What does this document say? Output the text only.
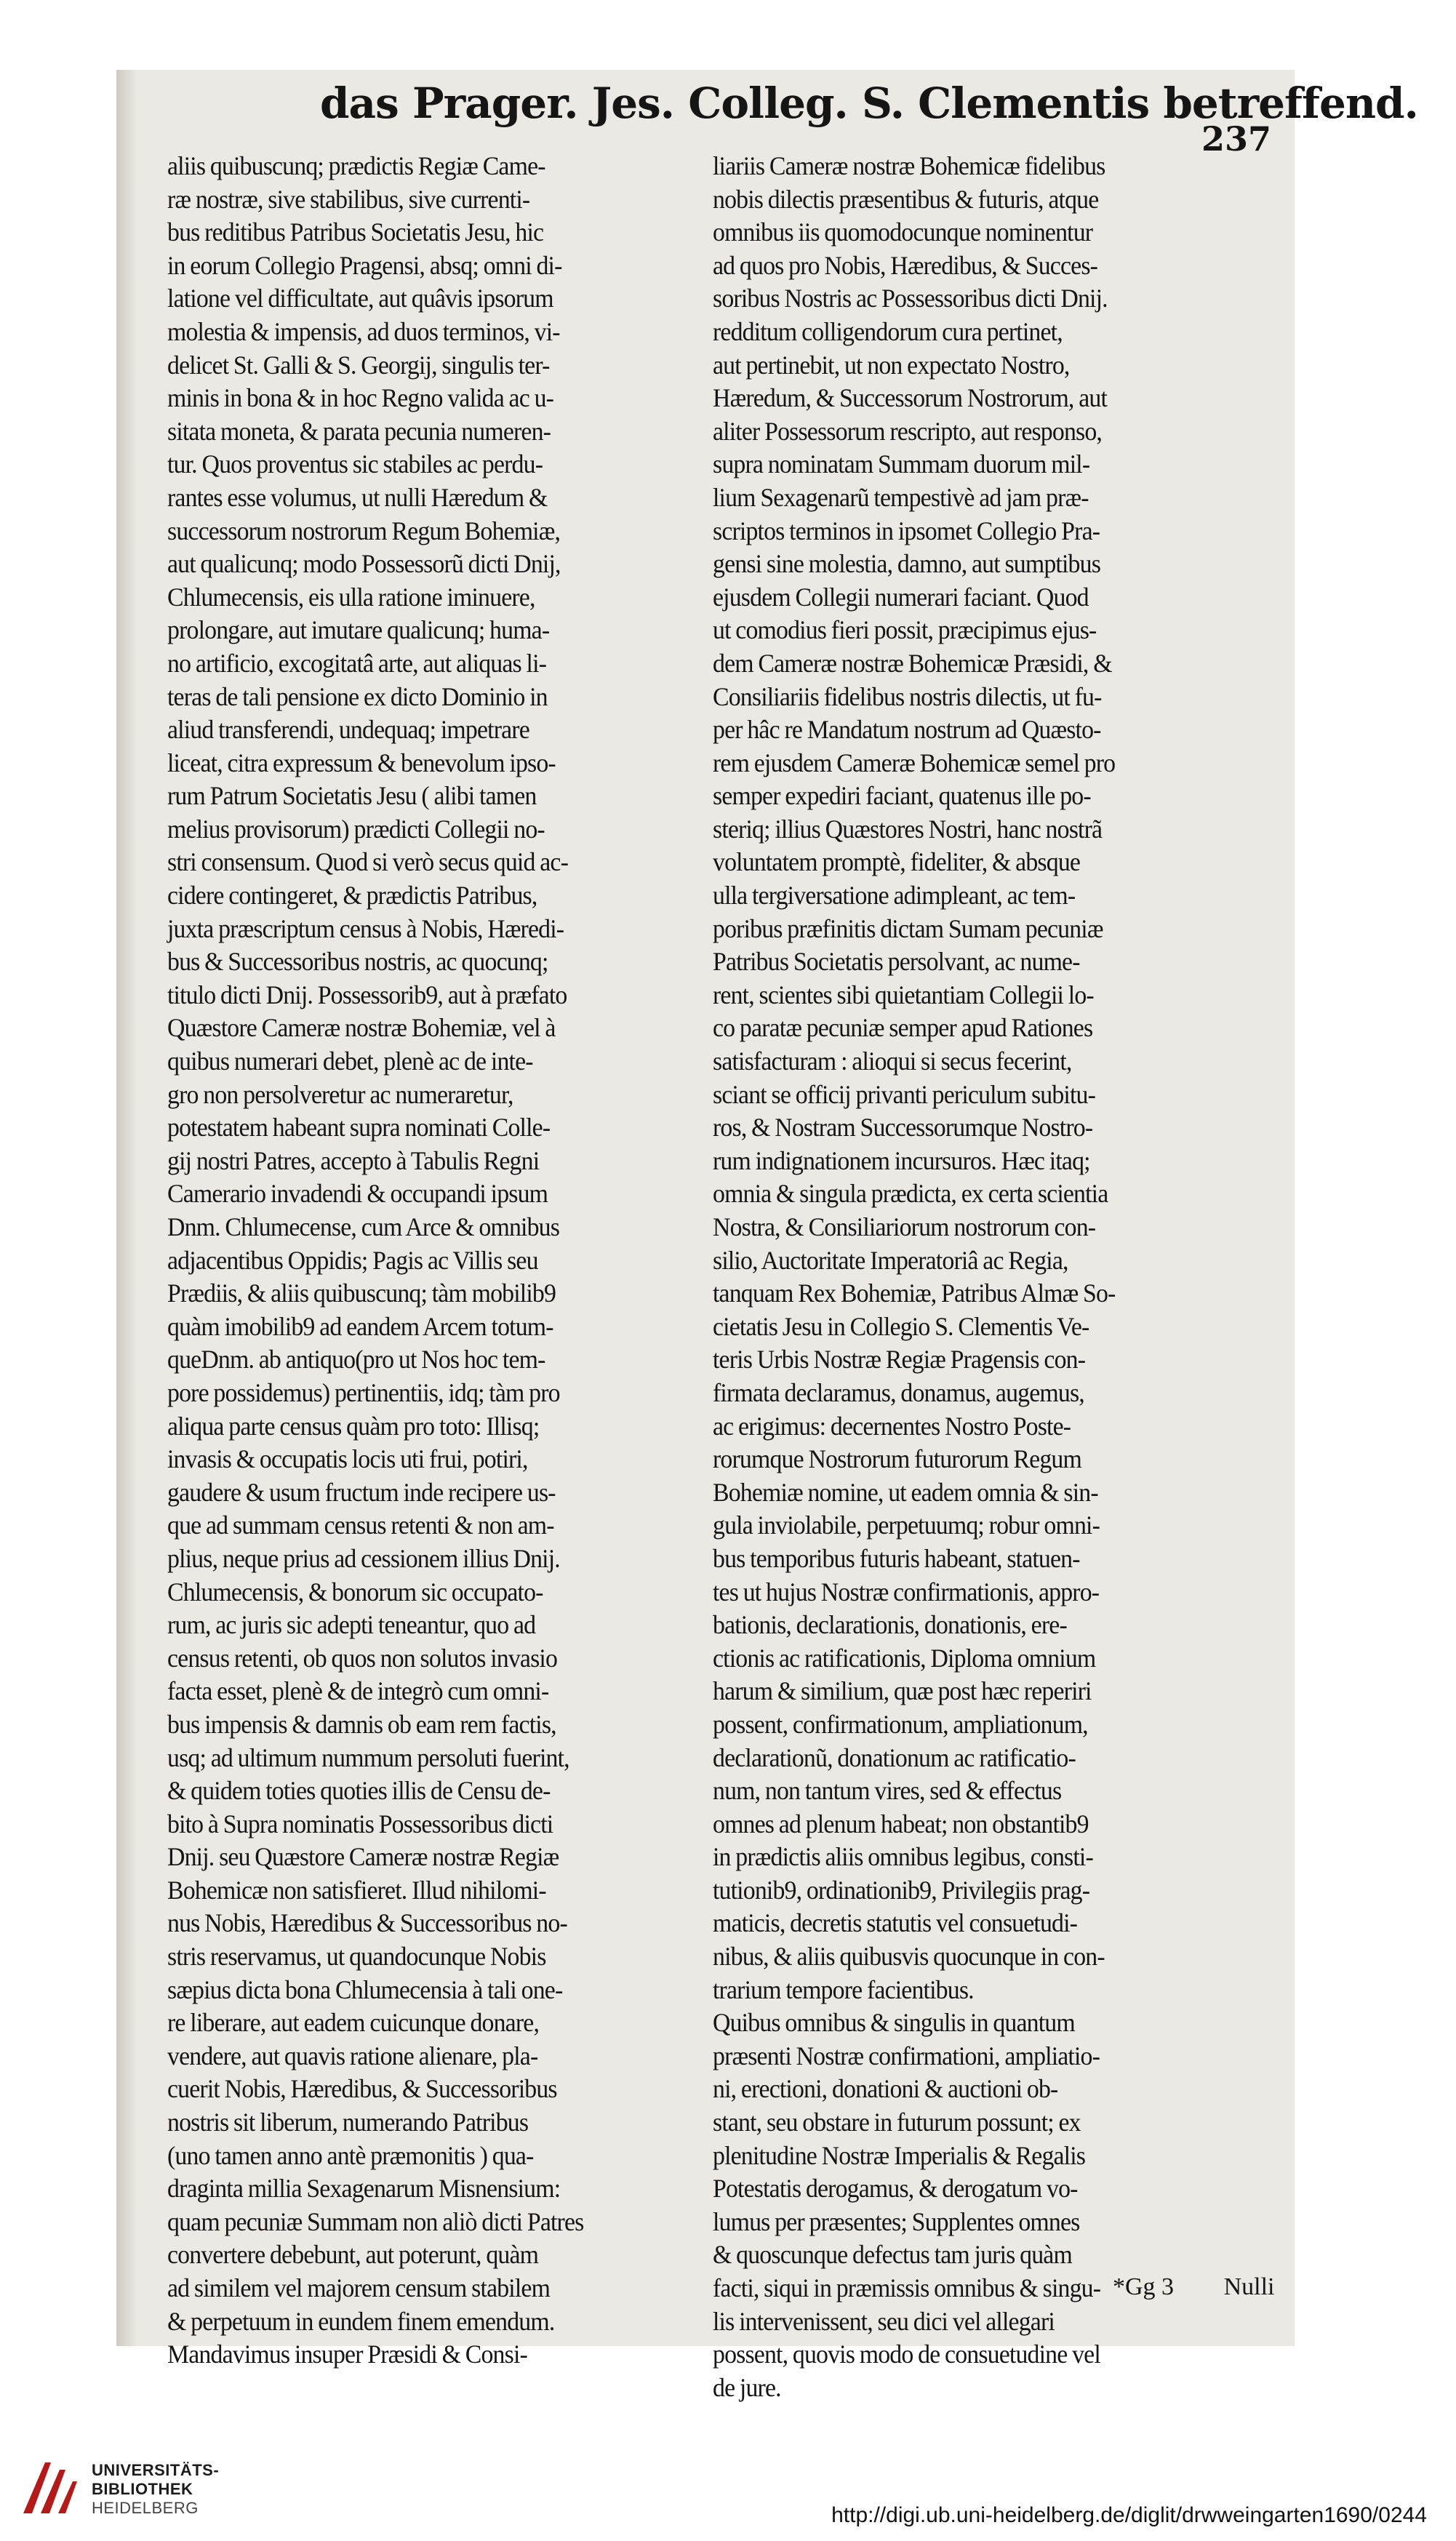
das Prager. Jes. Colleg. S. Clementis betreffend.
237
aliis quibuscunq; prædictis Regiæ Came-
ræ nostræ, sive stabilibus, sive currenti-
bus reditibus Patribus Societatis Jesu, hic
in eorum Collegio Pragensi, absq; omni di-
latione vel difficultate, aut quâvis ipsorum
molestia & impensis, ad duos terminos, vi-
delicet St. Galli & S. Georgij, singulis ter-
minis in bona & in hoc Regno valida ac u-
sitata moneta, & parata pecunia numeren-
tur. Quos proventus sic stabiles ac perdu-
rantes esse volumus, ut nulli Hæredum &
successorum nostrorum Regum Bohemiæ,
aut qualicunq; modo Possessorũ dicti Dnij,
Chlumecensis, eis ulla ratione iminuere,
prolongare, aut imutare qualicunq; huma-
no artificio, excogitatâ arte, aut aliquas li-
teras de tali pensione ex dicto Dominio in
aliud transferendi, undequaq; impetrare
liceat, citra expressum & benevolum ipso-
rum Patrum Societatis Jesu ( alibi tamen
melius provisorum) prædicti Collegii no-
stri consensum. Quod si verò secus quid ac-
cidere contingeret, & prædictis Patribus,
juxta præscriptum census à Nobis, Hæredi-
bus & Successoribus nostris, ac quocunq;
titulo dicti Dnij. Possessorib9, aut à præfato
Quæstore Cameræ nostræ Bohemiæ, vel à
quibus numerari debet, plenè ac de inte-
gro non persolveretur ac numeraretur,
potestatem habeant supra nominati Colle-
gij nostri Patres, accepto à Tabulis Regni
Camerario invadendi & occupandi ipsum
Dnm. Chlumecense, cum Arce & omnibus
adjacentibus Oppidis; Pagis ac Villis seu
Prædiis, & aliis quibuscunq; tàm mobilib9
quàm imobilib9 ad eandem Arcem totum-
queDnm. ab antiquo(pro ut Nos hoc tem-
pore possidemus) pertinentiis, idq; tàm pro
aliqua parte census quàm pro toto: Illisq;
invasis & occupatis locis uti frui, potiri,
gaudere & usum fructum inde recipere us-
que ad summam census retenti & non am-
plius, neque prius ad cessionem illius Dnij.
Chlumecensis, & bonorum sic occupato-
rum, ac juris sic adepti teneantur, quo ad
census retenti, ob quos non solutos invasio
facta esset, plenè & de integrò cum omni-
bus impensis & damnis ob eam rem factis,
usq; ad ultimum nummum persoluti fuerint,
& quidem toties quoties illis de Censu de-
bito à Supra nominatis Possessoribus dicti
Dnij. seu Quæstore Cameræ nostræ Regiæ
Bohemicæ non satisfieret. Illud nihilomi-
nus Nobis, Hæredibus & Successoribus no-
stris reservamus, ut quandocunque Nobis
sæpius dicta bona Chlumecensia à tali one-
re liberare, aut eadem cuicunque donare,
vendere, aut quavis ratione alienare, pla-
cuerit Nobis, Hæredibus, & Successoribus
nostris sit liberum, numerando Patribus
(uno tamen anno antè præmonitis ) qua-
draginta millia Sexagenarum Misnensium:
quam pecuniæ Summam non aliò dicti Patres
convertere debebunt, aut poterunt, quàm
ad similem vel majorem censum stabilem
& perpetuum in eundem finem emendum.
Mandavimus insuper Præsidi & Consi-
liariis Cameræ nostræ Bohemicæ fidelibus
nobis dilectis præsentibus & futuris, atque
omnibus iis quomodocunque nominentur
ad quos pro Nobis, Hæredibus, & Succes-
soribus Nostris ac Possessoribus dicti Dnij.
redditum colligendorum cura pertinet,
aut pertinebit, ut non expectato Nostro,
Hæredum, & Successorum Nostrorum, aut
aliter Possessorum rescripto, aut responso,
supra nominatam Summam duorum mil-
lium Sexagenarũ tempestivè ad jam præ-
scriptos terminos in ipsomet Collegio Pra-
gensi sine molestia, damno, aut sumptibus
ejusdem Collegii numerari faciant. Quod
ut comodius fieri possit, præcipimus ejus-
dem Cameræ nostræ Bohemicæ Præsidi, &
Consiliariis fidelibus nostris dilectis, ut fu-
per hâc re Mandatum nostrum ad Quæsto-
rem ejusdem Cameræ Bohemicæ semel pro
semper expediri faciant, quatenus ille po-
steriq; illius Quæstores Nostri, hanc nostrã
voluntatem promptè, fideliter, & absque
ulla tergiversatione adimpleant, ac tem-
poribus præfinitis dictam Sumam pecuniæ
Patribus Societatis persolvant, ac nume-
rent, scientes sibi quietantiam Collegii lo-
co paratæ pecuniæ semper apud Rationes
satisfacturam : alioqui si secus fecerint,
sciant se officij privanti periculum subitu-
ros, & Nostram Successorumque Nostro-
rum indignationem incursuros. Hæc itaq;
omnia & singula prædicta, ex certa scientia
Nostra, & Consiliariorum nostrorum con-
silio, Auctoritate Imperatoriâ ac Regia,
tanquam Rex Bohemiæ, Patribus Almæ So-
cietatis Jesu in Collegio S. Clementis Ve-
teris Urbis Nostræ Regiæ Pragensis con-
firmata declaramus, donamus, augemus,
ac erigimus: decernentes Nostro Poste-
rorumque Nostrorum futurorum Regum
Bohemiæ nomine, ut eadem omnia & sin-
gula inviolabile, perpetuumq; robur omni-
bus temporibus futuris habeant, statuen-
tes ut hujus Nostræ confirmationis, appro-
bationis, declarationis, donationis, ere-
ctionis ac ratificationis, Diploma omnium
harum & similium, quæ post hæc reperiri
possent, confirmationum, ampliationum,
declarationũ, donationum ac ratificatio-
num, non tantum vires, sed & effectus
omnes ad plenum habeat; non obstantib9
in prædictis aliis omnibus legibus, consti-
tutionib9, ordinationib9, Privilegiis prag-
maticis, decretis statutis vel consuetudi-
nibus, & aliis quibusvis quocunque in con-
trarium tempore facientibus.
Quibus omnibus & singulis in quantum
præsenti Nostræ confirmationi, ampliatio-
ni, erectioni, donationi & auctioni ob-
stant, seu obstare in futurum possunt; ex
plenitudine Nostræ Imperialis & Regalis
Potestatis derogamus, & derogatum vo-
lumus per præsentes; Supplentes omnes
& quoscunque defectus tam juris quàm
facti, siqui in præmissis omnibus & singu-
lis intervenissent, seu dici vel allegari
possent, quovis modo de consuetudine vel
de jure.
*Gg 3 Nulli
UNIVERSITÄTS-
BIBLIOTHEK
HEIDELBERG	http://digi.ub.uni-heidelberg.de/diglit/drwweingarten1690/0244
